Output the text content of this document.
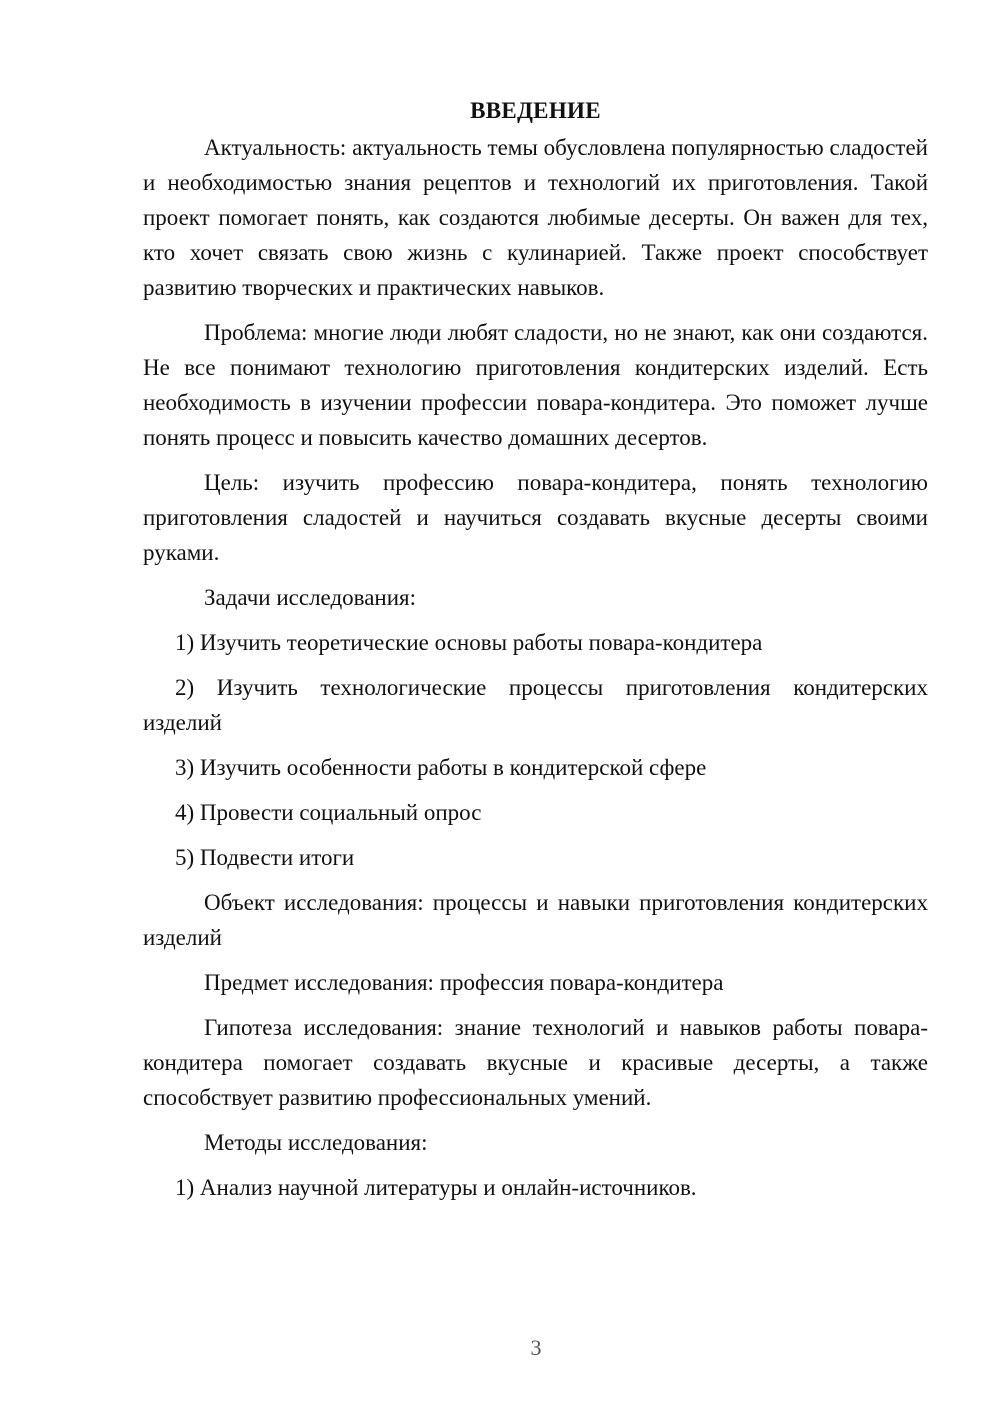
ВВЕДЕНИЕ

Актуальность: актуальность темы обусловлена популярностью сладостей и необходимостью знания рецептов и технологий их приготовления. Такой проект помогает понять, как создаются любимые десерты. Он важен для тех, кто хочет связать свою жизнь с кулинарией. Также проект способствует развитию творческих и практических навыков.

Проблема: многие люди любят сладости, но не знают, как они создаются. Не все понимают технологию приготовления кондитерских изделий. Есть необходимость в изучении профессии повара-кондитера. Это поможет лучше понять процесс и повысить качество домашних десертов.

Цель: изучить профессию повара-кондитера, понять технологию приготовления сладостей и научиться создавать вкусные десерты своими руками.

Задачи исследования:

1) Изучить теоретические основы работы повара-кондитера

2) Изучить технологические процессы приготовления кондитерских изделий

3) Изучить особенности работы в кондитерской сфере

4) Провести социальный опрос

5) Подвести итоги

Объект исследования: процессы и навыки приготовления кондитерских изделий

Предмет исследования: профессия повара-кондитера

Гипотеза исследования: знание технологий и навыков работы повара-кондитера помогает создавать вкусные и красивые десерты, а также способствует развитию профессиональных умений.

Методы исследования:

1) Анализ научной литературы и онлайн-источников.

3
